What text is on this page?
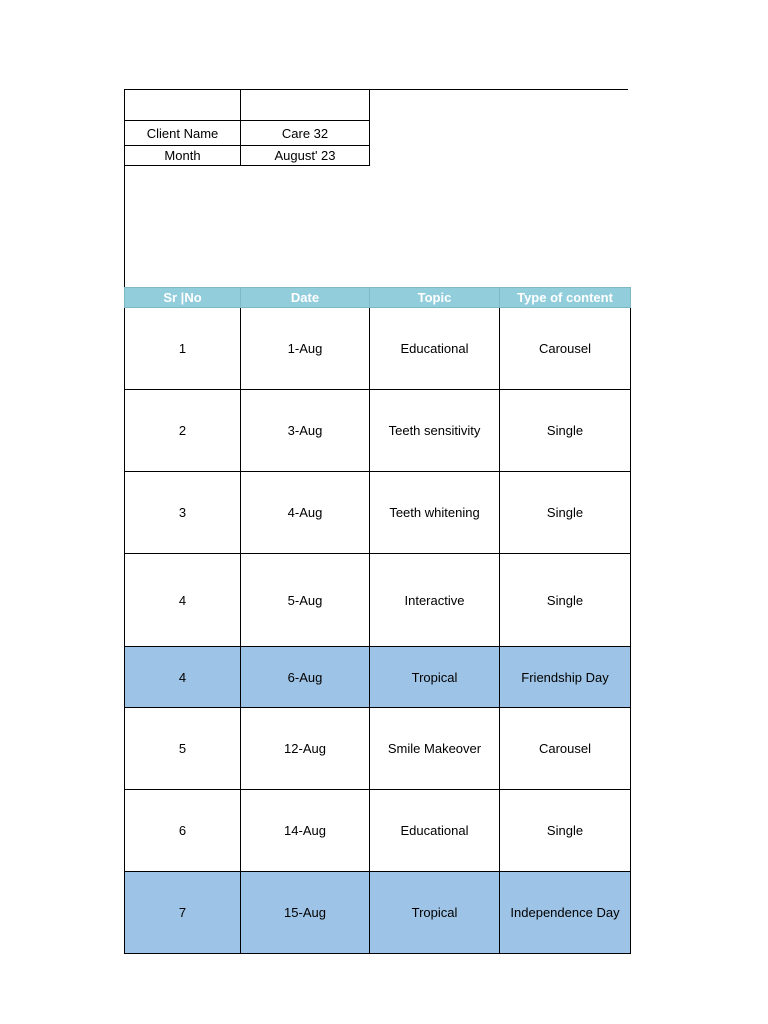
Client Name	Care 32
Month	August' 23
Sr |No	Date	Topic	Type of content
1	1-Aug	Educational	Carousel
2	3-Aug	Teeth sensitivity	Single
3	4-Aug	Teeth whitening	Single
4	5-Aug	Interactive	Single
4	6-Aug	Tropical	Friendship Day
5	12-Aug	Smile Makeover	Carousel
6	14-Aug	Educational	Single
7	15-Aug	Tropical	Independence Day
